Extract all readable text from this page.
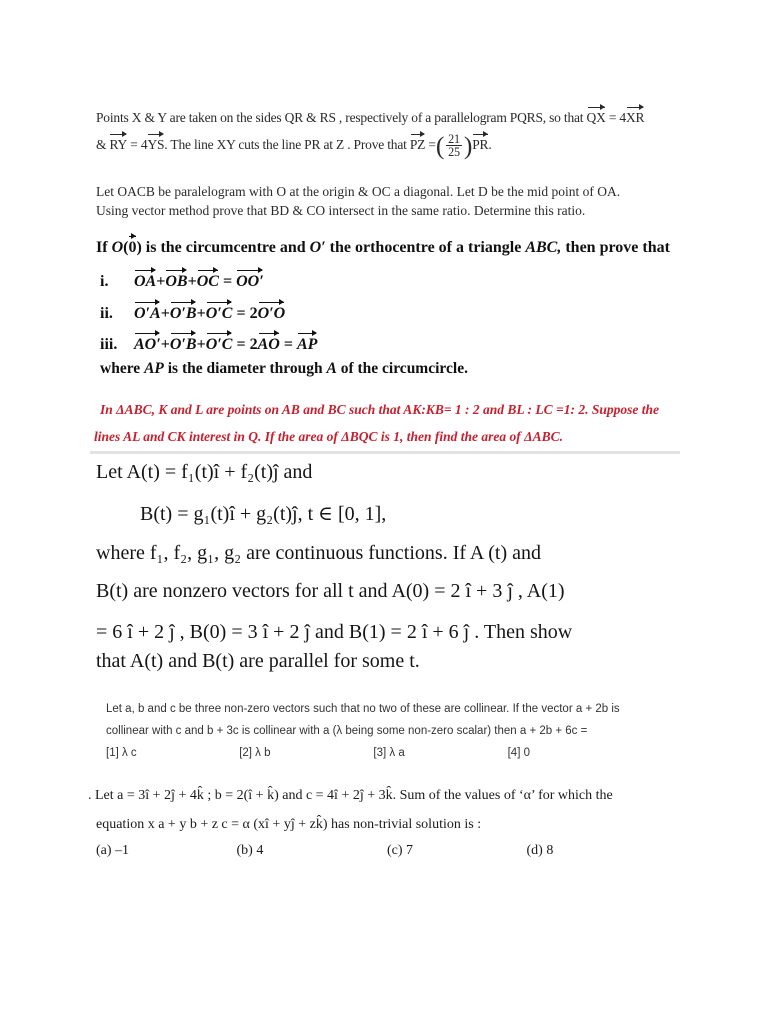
Points X & Y are taken on the sides QR & RS , respectively of a parallelogram PQRS, so that QX = 4XR
& RY = 4YS. The line XY cuts the line PR at Z . Prove that PZ =( $\frac{21}{25} )PR$.
Let OACB be paralelogram with O at the origin & OC a diagonal. Let D be the mid point of OA.
Using vector method prove that BD & CO intersect in the same ratio. Determine this ratio.
If O(0) is the circumcentre and O′ the orthocentre of a triangle ABC, then prove that
i. OA+OB+OC = OO′
ii. O′A+O′B+O′C = 2O′O
iii. AO′+O′B+O′C = 2AO = AP
where AP is the diameter through A of the circumcircle.
In ΔABC, K and L are points on AB and BC such that AK:KB= 1 : 2 and BL : LC =1: 2. Suppose the
lines AL and CK interest in Q. If the area of ΔBQC is 1, then find the area of ΔABC.
Let A(t) = f₁(t)î + f₂(t)ĵ and
B(t) = g₁(t)î + g₂(t)ĵ, t ∈ [0, 1],
where f₁, f₂, g₁, g₂ are continuous functions. If A (t) and
B(t) are nonzero vectors for all t and A(0) = 2 î + 3 ĵ , A(1)
= 6 î + 2 ĵ , B(0) = 3 î + 2 ĵ and B(1) = 2 î + 6 ĵ . Then show
that A(t) and B(t) are parallel for some t.
Let a, b and c be three non-zero vectors such that no two of these are collinear. If the vector a + 2b is
collinear with c and b + 3c is collinear with a (λ being some non-zero scalar) then a + 2b + 6c =
[1] λ c	[2] λ b	[3] λ a	[4] 0
. Let a = 3î + 2ĵ + 4k̂ ; b = 2(î + k̂) and c = 4î + 2ĵ + 3k̂. Sum of the values of ‘α’ for which the
equation x a + y b + z c = α (xî + yĵ + zk̂) has non-trivial solution is :
(a) –1	(b) 4	(c) 7	(d) 8
